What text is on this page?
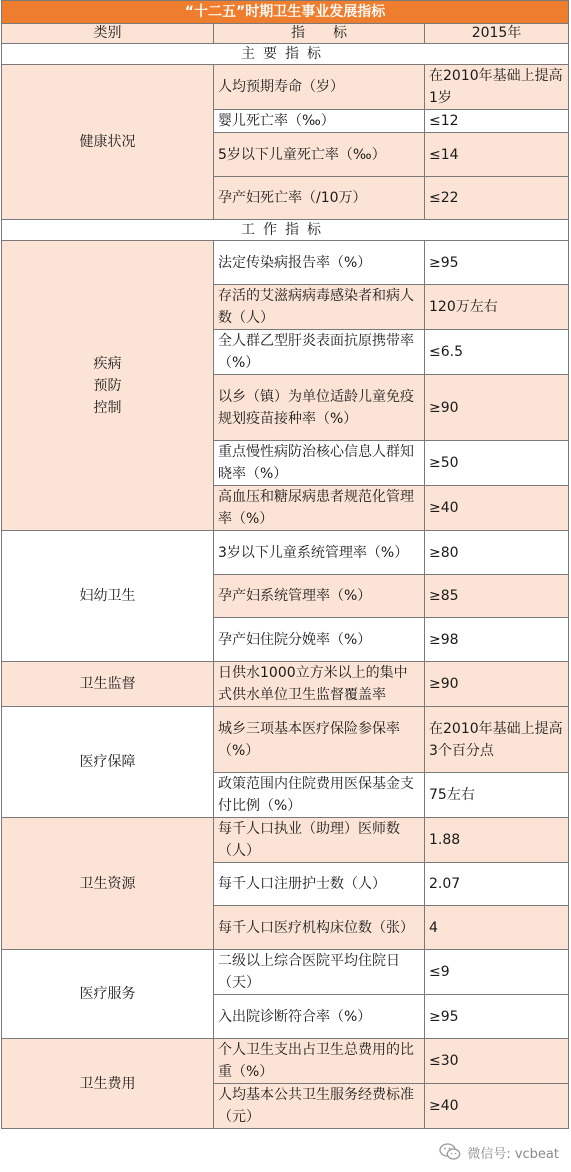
“十二五”时期卫生事业发展指标		
类别	指　　标	2015年
主要指标		
健康状况	人均预期寿命（岁）	在2010年基础上提高1岁
	婴儿死亡率（‰）	≤12
	5岁以下儿童死亡率（‰）	≤14
	孕产妇死亡率（/10万）	≤22
工作指标		
疾病预防控制	法定传染病报告率（%）	≥95
	存活的艾滋病病毒感染者和病人数（人）	120万左右
	全人群乙型肝炎表面抗原携带率（%）	≤6.5
	以乡（镇）为单位适龄儿童免疫规划疫苗接种率（%）	≥90
	重点慢性病防治核心信息人群知晓率（%）	≥50
	高血压和糖尿病患者规范化管理率（%）	≥40
妇幼卫生	3岁以下儿童系统管理率（%）	≥80
	孕产妇系统管理率（%）	≥85
	孕产妇住院分娩率（%）	≥98
卫生监督	日供水1000立方米以上的集中式供水单位卫生监督覆盖率	≥90
医疗保障	城乡三项基本医疗保险参保率（%）	在2010年基础上提高3个百分点
	政策范围内住院费用医保基金支付比例（%）	75左右
卫生资源	每千人口执业（助理）医师数（人）	1.88
	每千人口注册护士数（人）	2.07
	每千人口医疗机构床位数（张）	4
医疗服务	二级以上综合医院平均住院日（天）	≤9
	入出院诊断符合率（%）	≥95
卫生费用	个人卫生支出占卫生总费用的比重（%）	≤30
	人均基本公共卫生服务经费标准（元）	≥40
微信号: vcbeat
